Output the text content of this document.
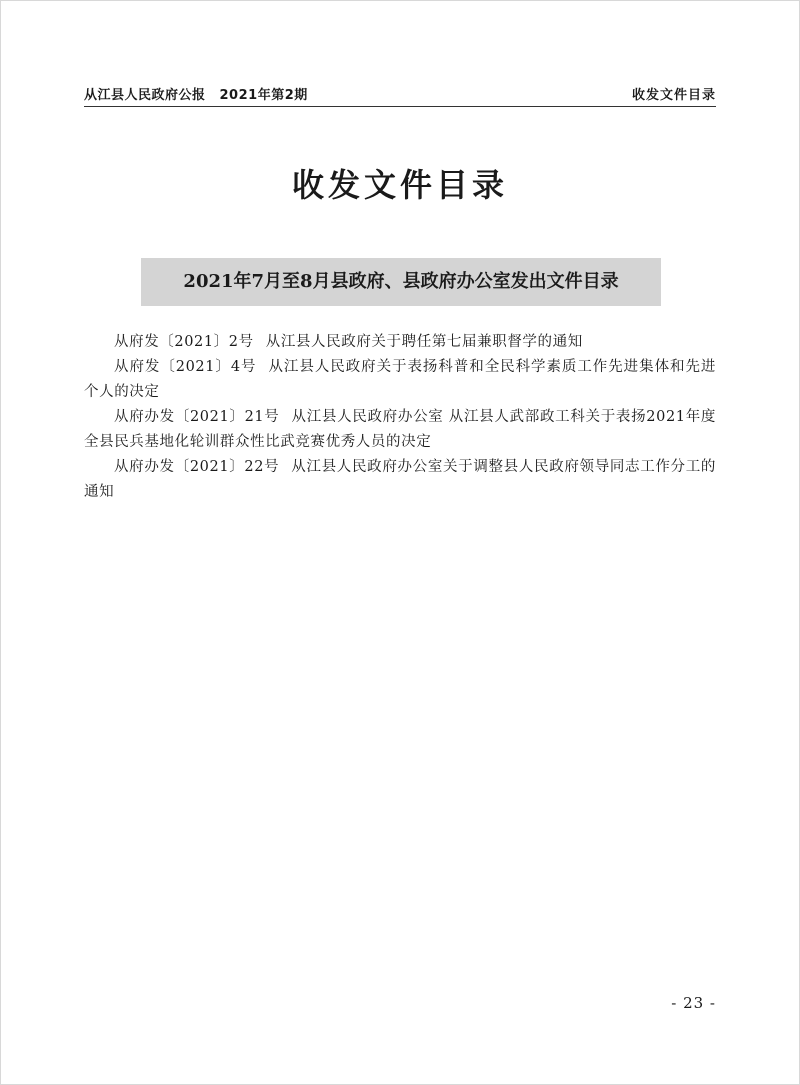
从江县人民政府公报 2021年第2期	收发文件目录
收发文件目录
2021年7月至8月县政府、县政府办公室发出文件目录

从府发〔2021〕2号 从江县人民政府关于聘任第七届兼职督学的通知

从府发〔2021〕4号 从江县人民政府关于表扬科普和全民科学素质工作先进集体和先进个人的决定

从府办发〔2021〕21号 从江县人民政府办公室 从江县人武部政工科关于表扬2021年度全县民兵基地化轮训群众性比武竞赛优秀人员的决定

从府办发〔2021〕22号 从江县人民政府办公室关于调整县人民政府领导同志工作分工的通知

- 23 -
